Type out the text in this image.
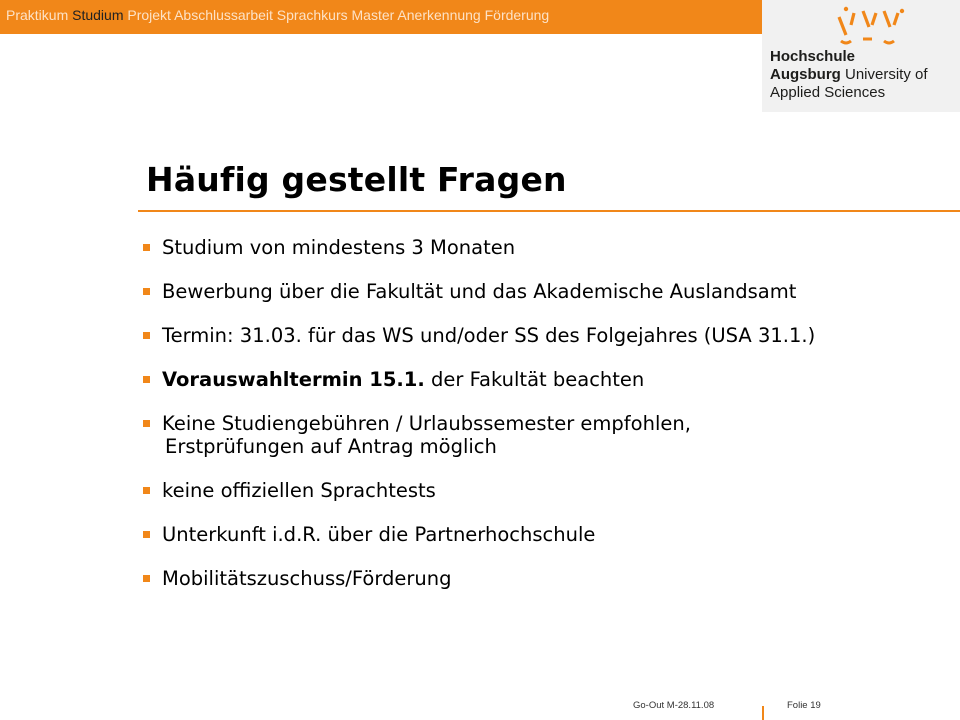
Praktikum Studium Projekt Abschlussarbeit Sprachkurs Master Anerkennung Förderung
Hochschule
Augsburg University of
Applied Sciences
Häufig gestellt Fragen
Studium von mindestens 3 Monaten
Bewerbung über die Fakultät und das Akademische Auslandsamt
Termin: 31.03. für das WS und/oder SS des Folgejahres (USA 31.1.)
Vorauswahltermin 15.1. der Fakultät beachten
Keine Studiengebühren / Urlaubssemester empfohlen,
Erstprüfungen auf Antrag möglich
keine offiziellen Sprachtests
Unterkunft i.d.R. über die Partnerhochschule
Mobilitätszuschuss/Förderung
Go-Out M-28.11.08	Folie 19
